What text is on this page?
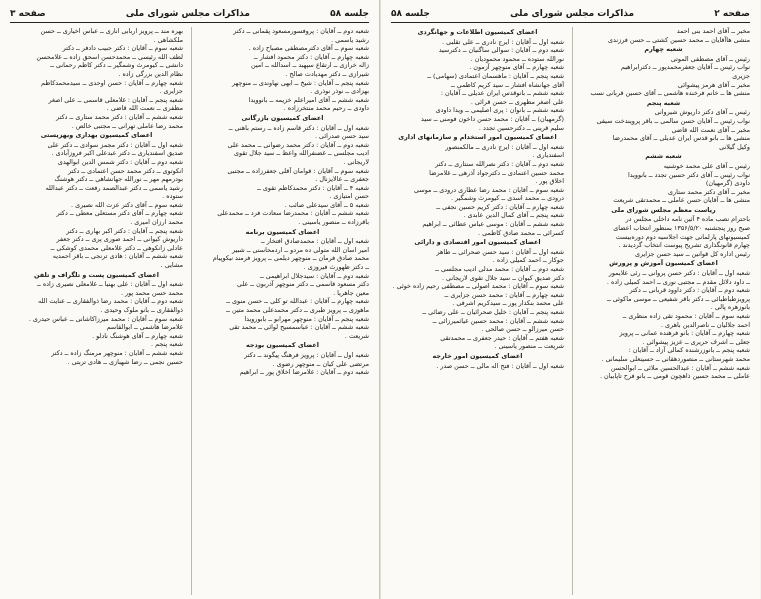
صفحه ۳	مذاکرات مجلس شورای ملی	جلسه ۵۸
شعبه دوم ــ آقایان : پروفسورمسعود پقمانی ــ دکتر
رشید یاسمی .
شعبه سوم ــ آقای دکترمصطفی مصباح زاده .
شعبه چهارم ــ آقایان : دکتر محمود افشار ــ
زاله خرازی ــ ارتقاع سپهبد ــ اسدالله ــ امین
شیرازی ــ دکتر مهدیادت صالح .
شعبه پنجم ــ آقایان : شیخ ــ ابهی نهاوندی ــ منوچهر
بهزادی ــ نوذر نوذری .
شعبه ششم ــ آقای امیراعلم خزیمه ــ بانوویدا
داودی ــ رحیم محمد منتخرزاده .
اعضای کمیسیون بازرگانی
شعبه اول ــ آقایان : دکتر قاسم زاده ــ رستم باهنی ــ
سید حسن صدرائی .
شعبه دوم ــ آقایان : دکتر محمد رضوانی ــ محمد علی
ادیب مجلسی ــ غضنفرالله واعظ ــ سید جلال تقوی
لاریجانی .
شعبه سوم ــ آقایان : قوامان آقلی جعفرزاده ــ مجتبی
جعفری ــ عالایزنال .
شعبه ۴ ــ آقایان : دکتر محمدکاظم تقوی ــ
حسن امتیازی .
شعبه ۵ ــ آقای سیدعلی صائب .
شعبه ششم ــ آقایان : محمدرضا سعادت فرد ــ محمدعلی
باقرزاده ــ منصور یاسینی .
اعضای کمیسیون برنامه
شعبه اول ــ آقایان : محمدصادق افتخار ــ
امیر اسان الله متولی ده مردو ــ اردمحاسنی ــ شبیر
محمد صادق فرمان ــ منوچهر دیلمی ــ پرویز فرمند نیکوپیام
ــ دکتر ظهورث فیروزی .
شعبه دوم ــ آقایان : سیدجلال ابراهیمی ــ
دکتر مسعود قاسمی ــ دکتر منوچهر آذربون ــ علی
معین جاهریا .
شعبه چهارم ــ آقایان : عبدالله تو کلی ــ حسن منوی ــ
ماهوزی ــ پرویز طبری ــ دکتر محمدعلی محمد متین ــ
شعبه پنجم ــ آقایان : منوچهر مهرابو ــ بابورویدا
شعبه ششم ــ آقایان : عباسمسیح لوائی ــ محمد تقی
شریعت .
اعضای کمیسیون بودجه
شعبه اول ــ آقایان : پرویز فرهنگ پیگوند ــ دکتر
مرتضی علی کیان ــ منوچهر رضوی .
شعبه دوم ــ آقایان : غلامرضا اخلاق پور ــ ابراهیم
بهره مند ــ پرویز اربابی اناری ــ عباس اخیاری ــ حسن
ملکشاهی .
شعبه سوم ــ آقایان : دکتر حبیب دادفر ــ دکتر
لطف الله رئیسی ــ محمدحسن اسحق زاده ــ غلامحسن
دانشی ــ کیومرث وشمگیر ــ دکتر کاظم رحمانی ــ
نظام الدین بزرگی زاده .
شعبه چهارم ــ آقایان : حسن اوحدی ــ سیدمحمدکاظم
جزایری .
شعبه پنجم ــ آقایان : غلامعلی قاسمی ــ علی اصغر
مظفری ــ نعمت الله قاضی .
شعبه ششم ــ آقایان : دکتر محمد ستاری ــ دکتر
محمد رضا عاملی تهرانی ــ مجتبی خالص .
اعضای کمیسیون بهداری وبهزیستی
شعبه اول ــ آقایان : دکتر مجمز سوادی ــ دکتر علی
صدیق اسفندیاری ــ دکتر عبدعلی اکبر فروزآبادی .
شعبه دوم ــ آقایان : دکتر شمس الدین ابوالهدی
انکوتوی ــ دکتر محمد حسن اعتمادی ــ دکتر
بودرمهم مهر ــ نورالله جهانشاهی ــ دکتر هوشنگ
رشید یاسمی ــ دکتر عبدالصمد رفعت ــ دکتر عبدالله
ستوده .
شعبه سوم ــ آقای دکتر عزت الله نصیری .
شعبه چهارم ــ آقای دکتر مستعلی معطی ــ دکتر
محمد ارزان امیری .
شعبه پنجم ــ آقایان : دکتر اکبر بهاری ــ دکتر
داریوش کیوانی ــ احمد صوری پری ــ دکتر جعفر
عادلی زانکوهی ــ دکتر غلامعلی محمدی کوشکی ــ
شعبه ششم ــ آقایان : هادی ترنجی ــ باقر احمدیه
مشایی .
اعضای کمیسیون پست و تلگراف و تلفن
شعبه اول ــ آقایان : علی بهنیا ــ غلامعلی نصیری زاده ــ
محمد حسن محمد پور .
شعبه دوم ــ آقایان : محمد رضا ذوالفقاری ــ عنایت الله
ذوالفقاری ــ بانو ملوک وحیدی .
شعبه سوم ــ آقایان : محمد میرزاکاشانی ــ عباس حیدری .
غلامرضا هاشمی ــ ابوالقاسم
شعبه چهارم ــ آقای هوشنگ نادلو .
شعبه پنجم .
شعبه ششم ــ آقایان : منوچهر مرمنگ زاده ــ دکتر
حسین نجمی ــ رضا شهبازی ــ هادی تربتی .
صفحه ۲
مذاکرات مجلس شورای ملی
جلسه ۵۸
مخبر ــ آقای احمد بنی احمد
منشی هاآقایان ــ محمد حسین کشتی ــ حسن فرزندی
شعبه چهارم
رئیس ــ آقای مصطفی الموتی
نواب رئیس ــ آقایان جعفرمحمدپور ــ دکترابراهیم
جزیری
مخبر ــ آقای هرمز پیشوائی
منشی ها ــ خانم فرخنده هاشمی ــ آقای حسین قربانی نسب
شعبه پنجم
رئیس ــ آقای دکتر داریوش شیروانی
نواب رئیس ــ آقایان حسن سالمی ــ باقر پرویندخت سیفی
مخبر ــ آقای نعمت الله قاضی
منشی ها ــ بانو قدس ایران عدیلی ــ آقای محمدرضا
وکیل گیلانی
شعبه ششم
رئیس ــ آقای علی محمد خوشنیه
نواب رئیس ــ آقای دکتر حسین تجدد ــ بانوویدا
داودی (گرمهیان)
مخبر ــ آقای دکتر محمد ستاری
منشی ها ــ آقایان حسن عاملی ــ محمدتقی شریعت
ریاست معظم مجلس شورای ملی
باحترام نصب ماده ۴ آئین نامه داخلی مجلس در
صبح روز پنجشنبه ۱۳۵۶/۵/۲۰ بمنظور انتخاب اعضای
کمیسیونهای پارلمانی جهت اجلاسیه دوم دوره‌بیست
چهارم قانونگذاری تشریح پیوست انتخاب گردیدند .
رئیس اداره کل قوانین ــ سید حسن جزایری
اعضای کمیسیون آموزش و پرورش
شعبه اول ــ آقایان : دکتر حسن پروانی ــ رئی علایمور
ــ داود دلائل مقدم ــ مجتبی نوری ــ احمد کمیلی زاده .
شعبه دوم ــ آقایان : دکتر داوود قربانی ــ دکتر
پرویزطباطبائی ــ دکتر باقر شفیعی ــ موسی ماکوئی ــ
بانوزهره پالی .
شعبه سوم ــ آقایان : محمود تقی زاده منظری ــ
احمد جلالیان ــ ناصرالدین باهری .
شعبه چهارم ــ آقایان : بانو فرهنده عمانی ــ پرویز
جعلی ــ اشرف حریری ــ عزیز پیشوائی .
شعبه پنجم ــ بانوزرشنده کمالی آزاد ــ آقایان :
محمد شهرستانی ــ منصوردهقانی ــ حسینعلی سلیمانی .
شعبه ششم ــ آقایان : عبدالحسین ملائی ــ ابوالحسن
عاملی ــ محمد حسین ذاهچون قومی ــ بانو فرح تاپابیان .
اعضای کمیسیون اطلاعات و جهانگردی
شعبه اول ــ آقایان : ایرج نادری ــ علی تقلبی .
شعبه دوم ــ آقایان : سوالی ساگنیان ــ دکترسید
نورالله ستوده ــ محمود محمودیان .
شعبه چهارم ــ آقای منوچهر آزمون .
شعبه پنجم ــ آقایان : ماهسمان اعتمادی (سهامی) ــ
آقای جهانشاه افشار ــ سید کریم کاظمی ــ
شعبه ششم ــ بانوقدس ایران عدیلی ــ آقایان :
علی اصغر مظهری ــ حسن قرائی .
شعبه ششم ــ بانوان : پری اصلیمی ــ ویدا داودی
(گرمهیان) ــ آقایان : محمد حسن داخون فومنی ــ سید
سلیم قرینی ــ دکترحسین تجدد .
اعضای کمیسیون امور استخدام و سازمانهای اداری
شعبه اول ــ آقایان : ایرج نادری ــ مالکمنصور
اسفندیاری .
شعبه دوم ــ آقایان : دکتر نصرالله سنتاری ــ دکتر
محمد حسین اعتمادی ــ دکترجواد آذرهی ــ غلامرضا
اخلاق پور .
شعبه سوم ــ آقایان : محمد رضا عطاری درودی ــ موسی
درودی ــ محمد اسدی ــ کیومرث وشمگیر .
شعبه چهارم ــ آقایان : دکتر کریم حسین نجفی ــ
شعبه پنجم ــ آقای کمال الدین عابدی .
شعبه ششم ــ آقایان : موسی عباس عطائی ــ ابراهیم
کسرائی ــ محمد صادق کاظمی .
اعضای کمیسیون امور اقتصادی و دارائی
شعبه اول ــ آقایان : سید حسن صحرائی ــ طاهر
جوکار ــ احمد کمیلی زاده .
شعبه دوم ــ آقایان : محمد مدلی ادیب مجلسی ــ
دکتر صدیق کیوان ــ سید جلال تقوی لاریجانی .
شعبه سوم ــ آقایان : محمد اصولی ــ مصطفی رحیم زاده خوئی .
شعبه چهارم ــ آقایان : محمد حسن جزایری ــ
علی محمد بنکدار پور ــ سیدکریم اشرفی .
شعبه پنجم ــ آقایان : خلیل صحرائیان ــ علی رضائی ــ
شعبه ششم ــ آقایان : محمد حسین غیاثمیرزائی ــ
حسن میرزالو ــ حسن صالحی .
شعبه هفتم ــ آقایان : حیدر جعفری ــ محمدتقی
شریعت ــ منصور یاسینی .
اعضای کمیسیون امور خارجه
شعبه اول ــ آقایان : فتح اله مالی ــ حسن صدر .
